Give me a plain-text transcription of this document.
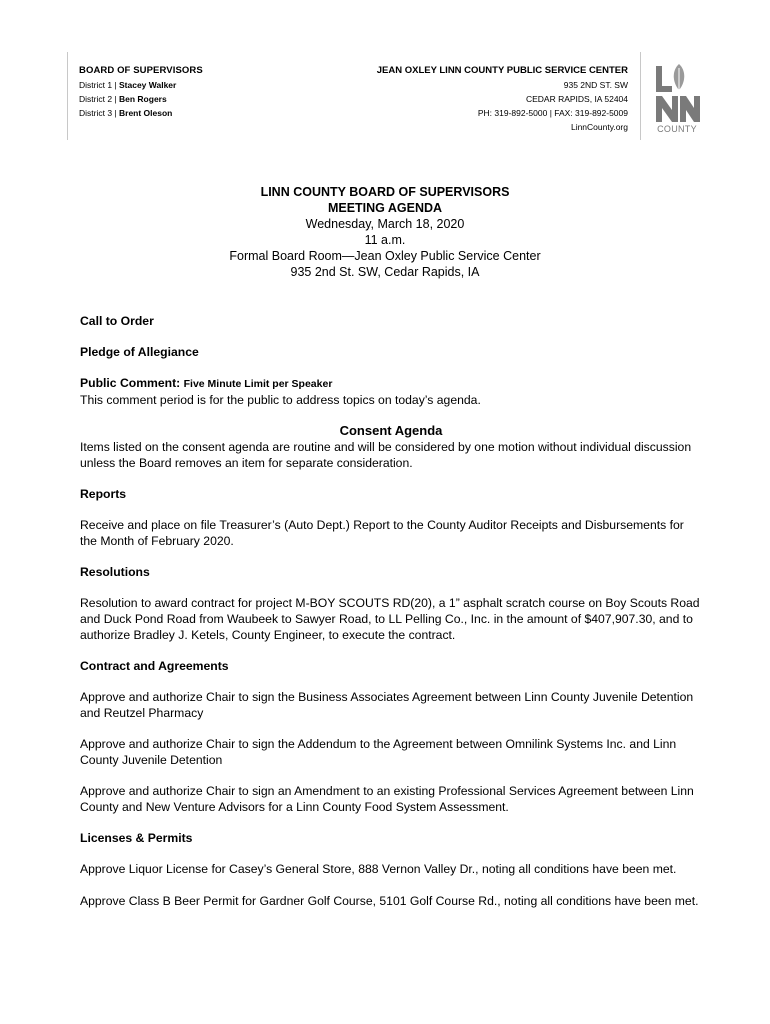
BOARD OF SUPERVISORS
District 1 | Stacey Walker
District 2 | Ben Rogers
District 3 | Brent Oleson
JEAN OXLEY LINN COUNTY PUBLIC SERVICE CENTER
935 2ND ST. SW
CEDAR RAPIDS, IA 52404
PH: 319-892-5000 | FAX: 319-892-5009
LinnCounty.org	COUNTY
LINN COUNTY BOARD OF SUPERVISORS
MEETING AGENDA
Wednesday, March 18, 2020
11 a.m.
Formal Board Room—Jean Oxley Public Service Center
935 2nd St. SW, Cedar Rapids, IA

Call to Order

Pledge of Allegiance

Public Comment: Five Minute Limit per Speaker

This comment period is for the public to address topics on today’s agenda.

Consent Agenda

Items listed on the consent agenda are routine and will be considered by one motion without individual discussion unless the Board removes an item for separate consideration.

Reports

Receive and place on file Treasurer’s (Auto Dept.) Report to the County Auditor Receipts and Disbursements for the Month of February 2020.

Resolutions

Resolution to award contract for project M-BOY SCOUTS RD(20), a 1” asphalt scratch course on Boy Scouts Road and Duck Pond Road from Waubeek to Sawyer Road, to LL Pelling Co., Inc. in the amount of $407,907.30, and to authorize Bradley J. Ketels, County Engineer, to execute the contract.

Contract and Agreements

Approve and authorize Chair to sign the Business Associates Agreement between Linn County Juvenile Detention and Reutzel Pharmacy

Approve and authorize Chair to sign the Addendum to the Agreement between Omnilink Systems Inc. and Linn County Juvenile Detention

Approve and authorize Chair to sign an Amendment to an existing Professional Services Agreement between Linn County and New Venture Advisors for a Linn County Food System Assessment.

Licenses & Permits

Approve Liquor License for Casey’s General Store, 888 Vernon Valley Dr., noting all conditions have been met.

Approve Class B Beer Permit for Gardner Golf Course, 5101 Golf Course Rd., noting all conditions have been met.
